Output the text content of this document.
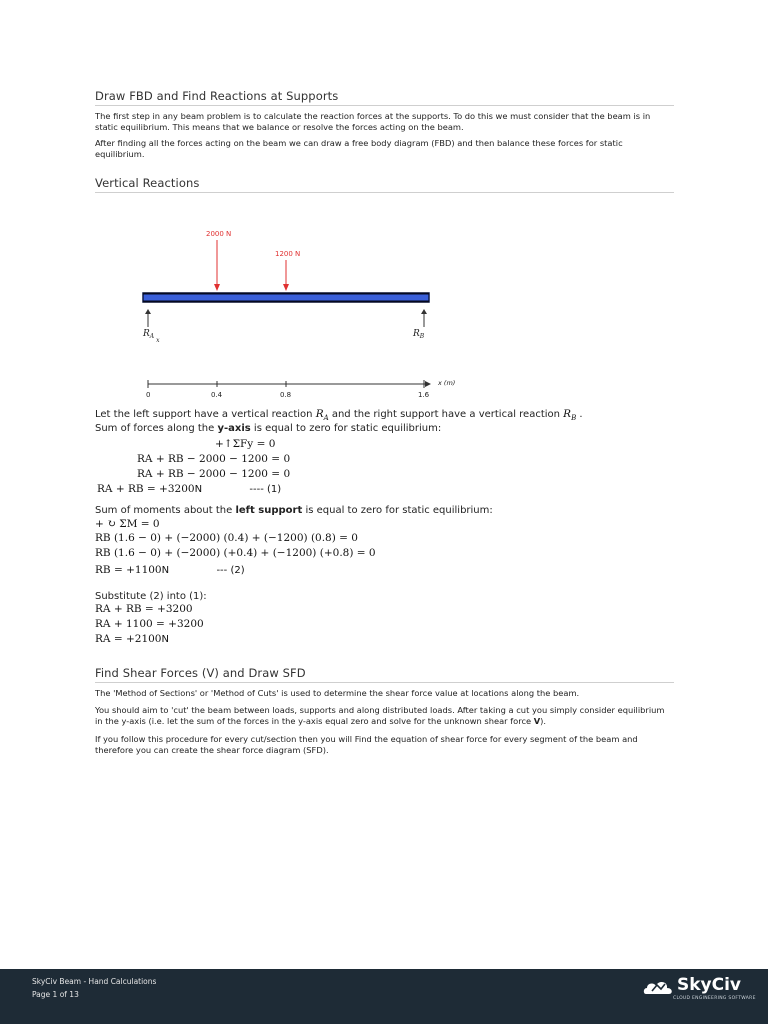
Draw FBD and Find Reactions at Supports
The first step in any beam problem is to calculate the reaction forces at the supports. To do this we must consider that the beam is in static equilibrium. This means that we balance or resolve the forces acting on the beam.
After finding all the forces acting on the beam we can draw a free body diagram (FBD) and then balance these forces for static equilibrium.
Vertical Reactions
2000 N
1200 N
$R_{Ax}$
$R_B$
0	0.4	0.8	1.6
x (m)
Let the left support have a vertical reaction $R_A$ and the right support have a vertical reaction $R_B$ .
Sum of forces along the y-axis is equal to zero for static equilibrium:
+↑ΣFy = 0
RA + RB − 2000 − 1200 = 0
RA + RB − 2000 − 1200 = 0
RA + RB = +3200N	---- (1)
Sum of moments about the left support is equal to zero for static equilibrium:
+ ↻ ΣM = 0
RB (1.6 − 0) + (−2000) (0.4) + (−1200) (0.8) = 0
RB (1.6 − 0) + (−2000) (+0.4) + (−1200) (+0.8) = 0
RB = +1100N	--- (2)
Substitute (2) into (1):
RA + RB = +3200
RA + 1100 = +3200
RA = +2100N
Find Shear Forces (V) and Draw SFD
The 'Method of Sections' or 'Method of Cuts' is used to determine the shear force value at locations along the beam.
You should aim to 'cut' the beam between loads, supports and along distributed loads. After taking a cut you simply consider equilibrium in the y-axis (i.e. let the sum of the forces in the y-axis equal zero and solve for the unknown shear force V).
If you follow this procedure for every cut/section then you will Find the equation of shear force for every segment of the beam and therefore you can create the shear force diagram (SFD).
SkyCiv Beam - Hand Calculations
Page 1 of 13	SkyCiv
CLOUD ENGINEERING SOFTWARE
